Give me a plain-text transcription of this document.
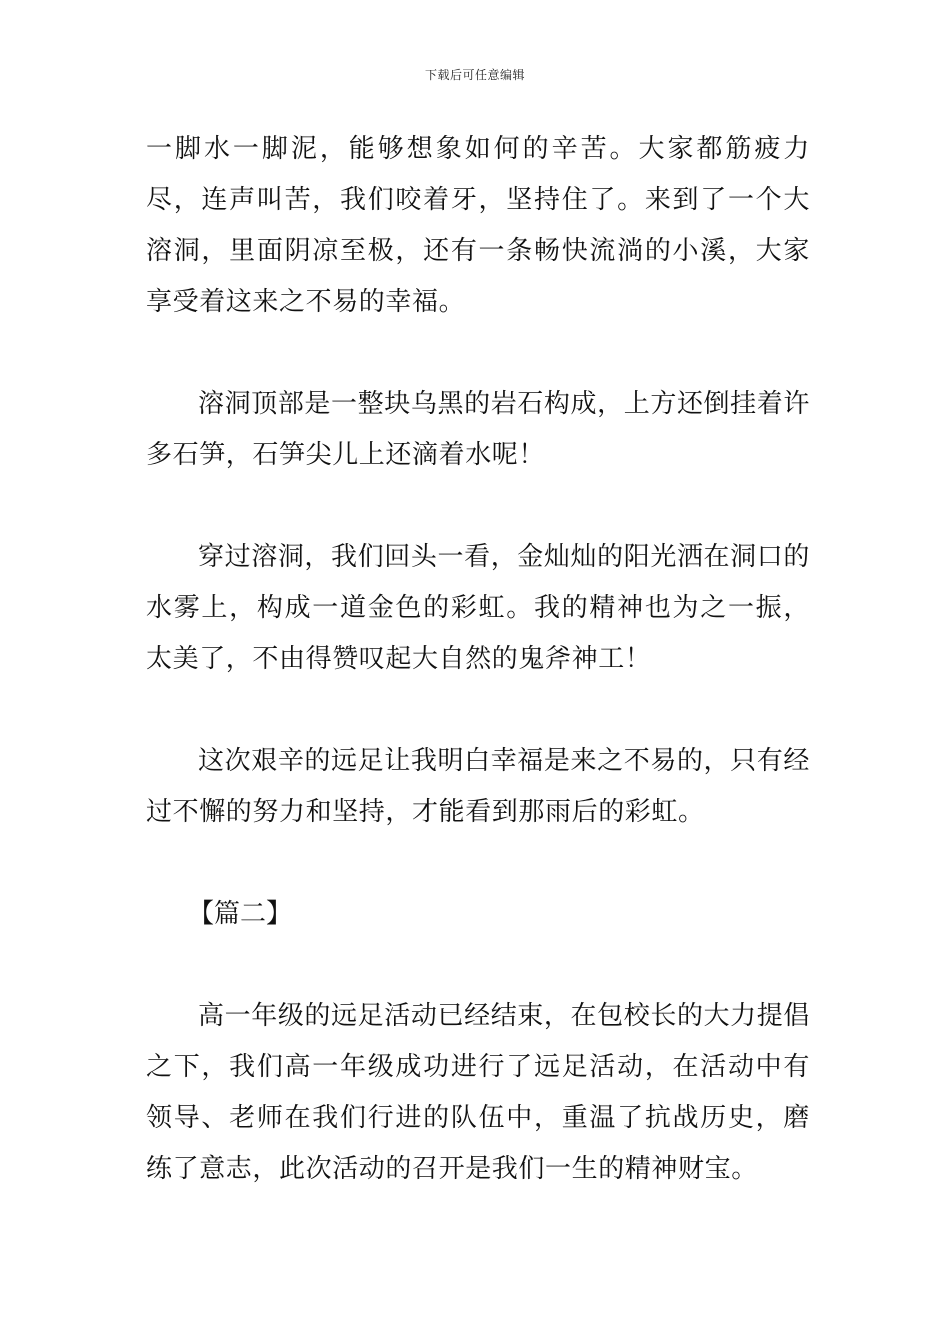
下载后可任意编辑

一脚水一脚泥，能够想象如何的辛苦。大家都筋疲力尽，连声叫苦，我们咬着牙，坚持住了。来到了一个大溶洞，里面阴凉至极，还有一条畅快流淌的小溪，大家享受着这来之不易的幸福。

溶洞顶部是一整块乌黑的岩石构成，上方还倒挂着许多石笋，石笋尖儿上还滴着水呢！

穿过溶洞，我们回头一看，金灿灿的阳光洒在洞口的水雾上，构成一道金色的彩虹。我的精神也为之一振，太美了，不由得赞叹起大自然的鬼斧神工！

这次艰辛的远足让我明白幸福是来之不易的，只有经过不懈的努力和坚持，才能看到那雨后的彩虹。

【篇二】

高一年级的远足活动已经结束，在包校长的大力提倡之下，我们高一年级成功进行了远足活动，在活动中有领导、老师在我们行进的队伍中，重温了抗战历史，磨练了意志，此次活动的召开是我们一生的精神财宝。
